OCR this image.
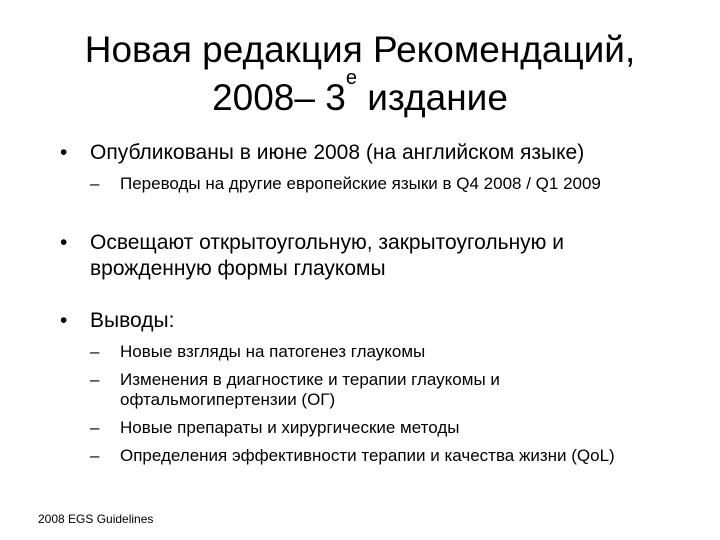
Новая редакция Рекомендаций,
2008– $3^е$ издание
• Опубликованы в июне 2008 (на английском языке)
– Переводы на другие европейские языки в Q4 2008 / Q1 2009
• Освещают открытоугольную, закрытоугольную и врожденную формы глаукомы
• Выводы:
– Новые взгляды на патогенез глаукомы
– Изменения в диагностике и терапии глаукомы и офтальмогипертензии (ОГ)
– Новые препараты и хирургические методы
– Определения эффективности терапии и качества жизни (QoL)
2008 EGS Guidelines
